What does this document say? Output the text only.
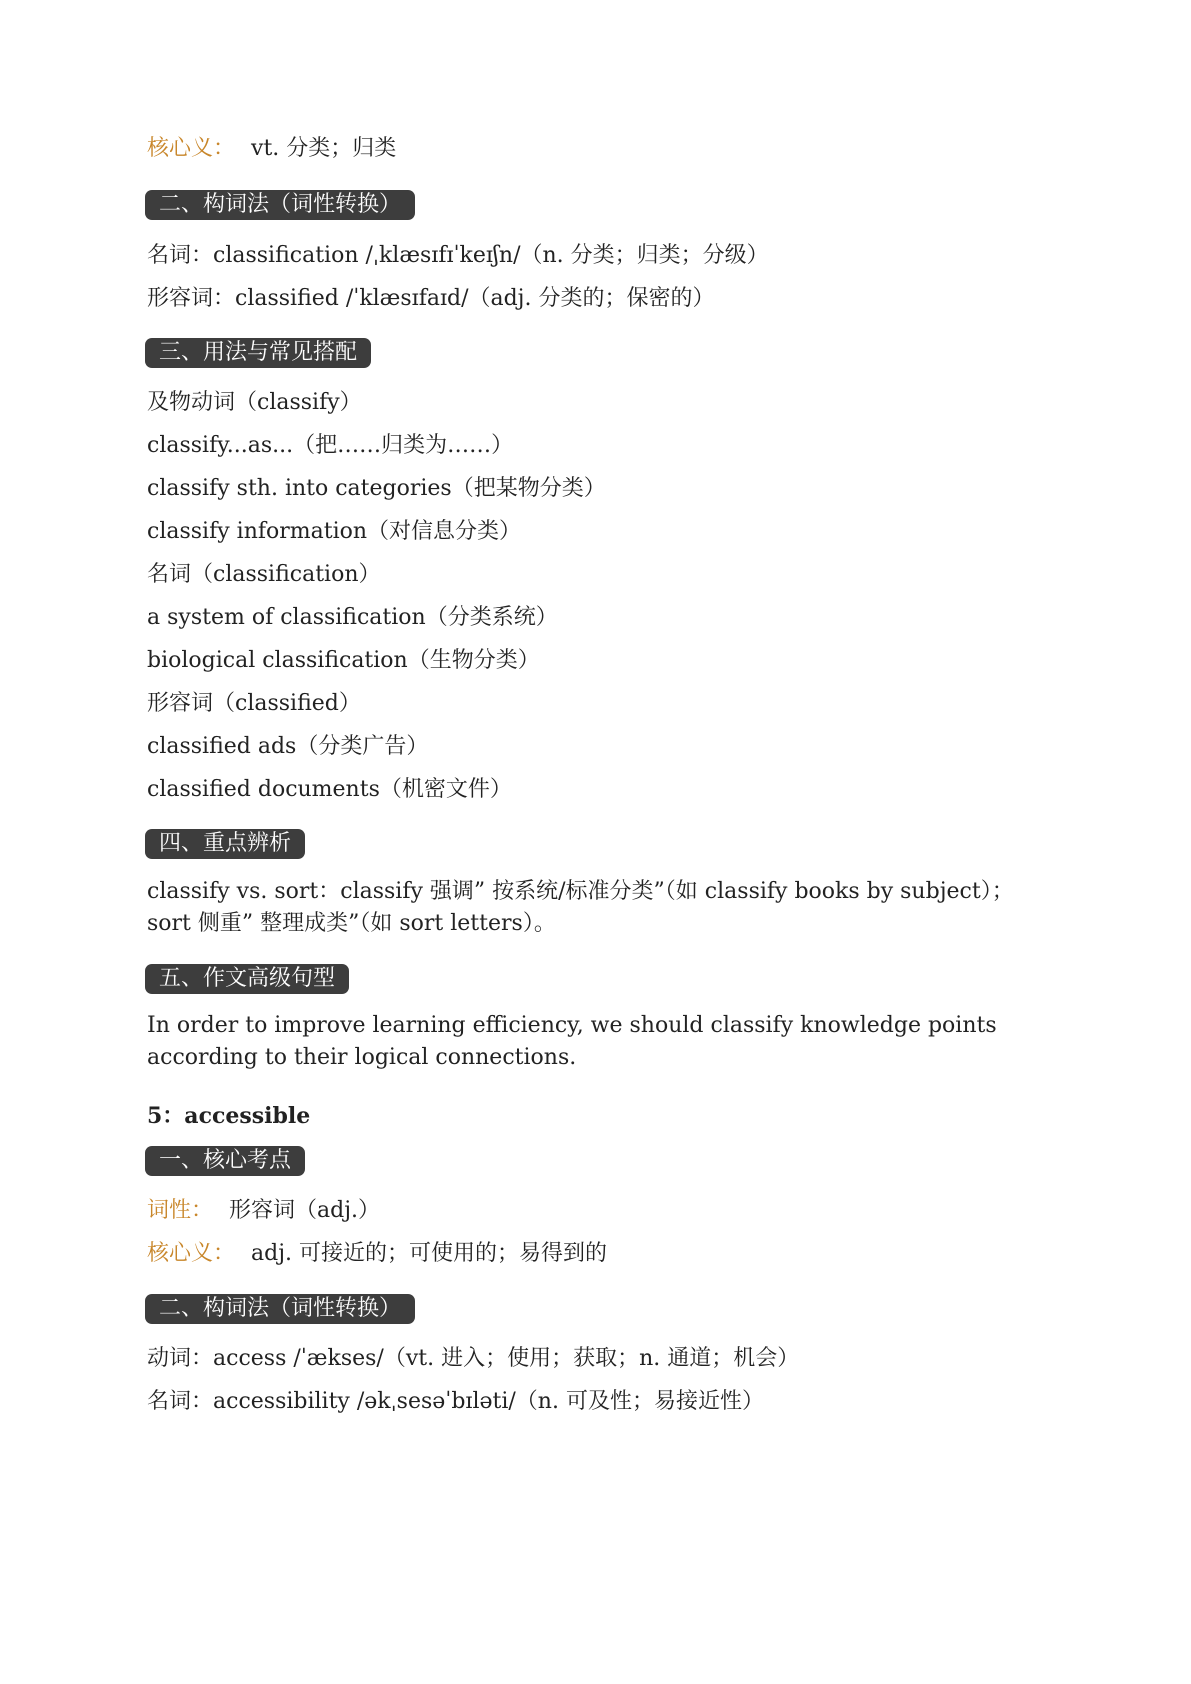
核心义： vt. 分类；归类
二、构词法（词性转换）
名词：classification /ˌklæsɪfɪˈkeɪʃn/（n. 分类；归类；分级）
形容词：classified /ˈklæsɪfaɪd/（adj. 分类的；保密的）
三、用法与常见搭配
及物动词（classify）
classify...as...（把……归类为……）
classify sth. into categories（把某物分类）
classify information（对信息分类）
名词（classification）
a system of classification（分类系统）
biological classification（生物分类）
形容词（classified）
classified ads（分类广告）
classified documents（机密文件）
四、重点辨析
classify vs. sort：classify 强调” 按系统/标准分类”（如 classify books by subject）；sort 侧重” 整理成类”（如 sort letters）。
五、作文高级句型
In order to improve learning efficiency, we should classify knowledge points according to their logical connections.
5：accessible
一、核心考点
词性： 形容词（adj.）
核心义： adj. 可接近的；可使用的；易得到的
二、构词法（词性转换）
动词：access /ˈækses/（vt. 进入；使用；获取；n. 通道；机会）
名词：accessibility /əkˌsesəˈbɪləti/（n. 可及性；易接近性）
